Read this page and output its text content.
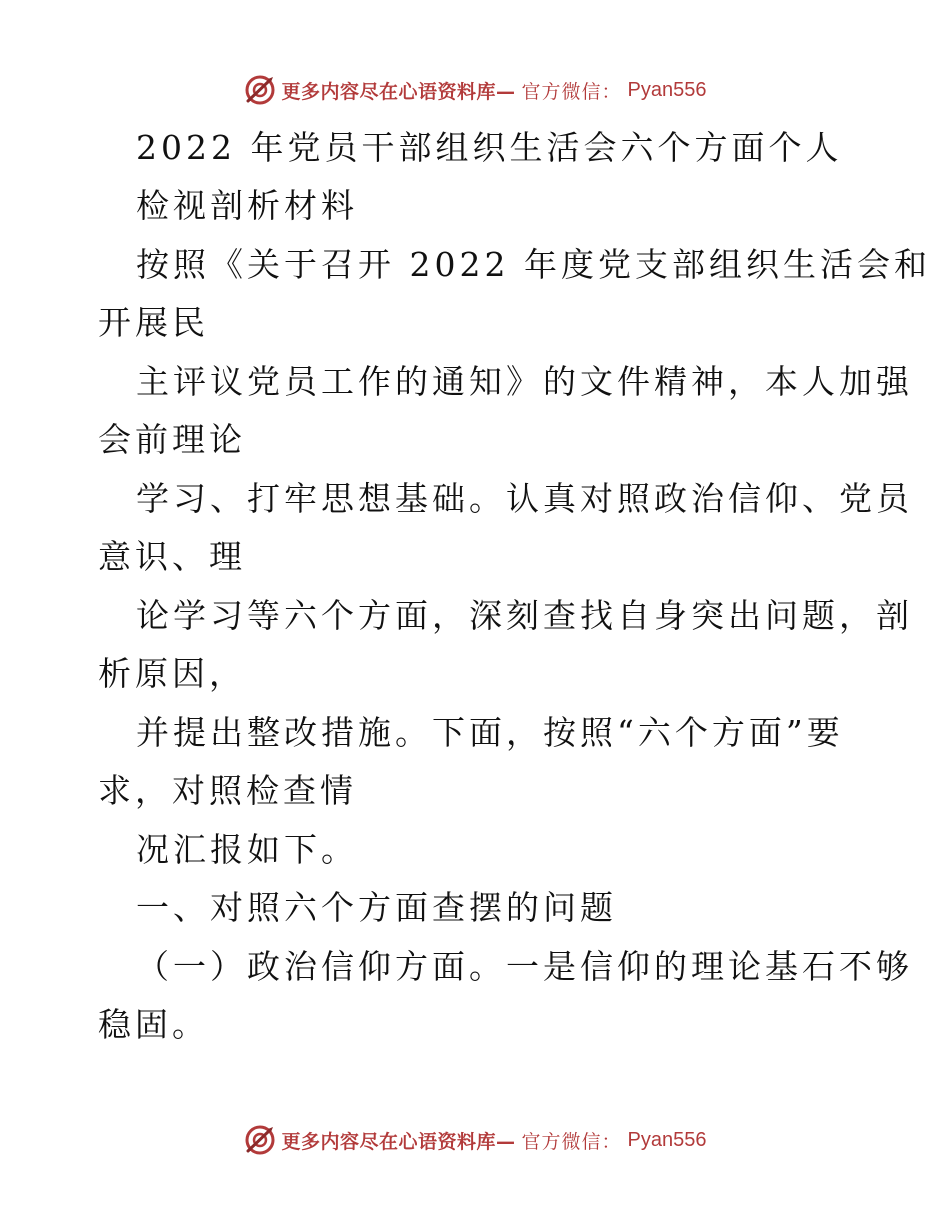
更多内容尽在心语资料库— 官方微信： Pyan556
2022 年党员干部组织生活会六个方面个人
检视剖析材料
按照《关于召开 2022 年度党支部组织生活会和
开展民
主评议党员工作的通知》的文件精神，本人加强
会前理论
学习、打牢思想基础。认真对照政治信仰、党员
意识、理
论学习等六个方面，深刻查找自身突出问题，剖
析原因，
并提出整改措施。下面，按照“六个方面”要
求，对照检查情
况汇报如下。
一、对照六个方面查摆的问题
（一）政治信仰方面。一是信仰的理论基石不够
稳固。
更多内容尽在心语资料库— 官方微信： Pyan556
